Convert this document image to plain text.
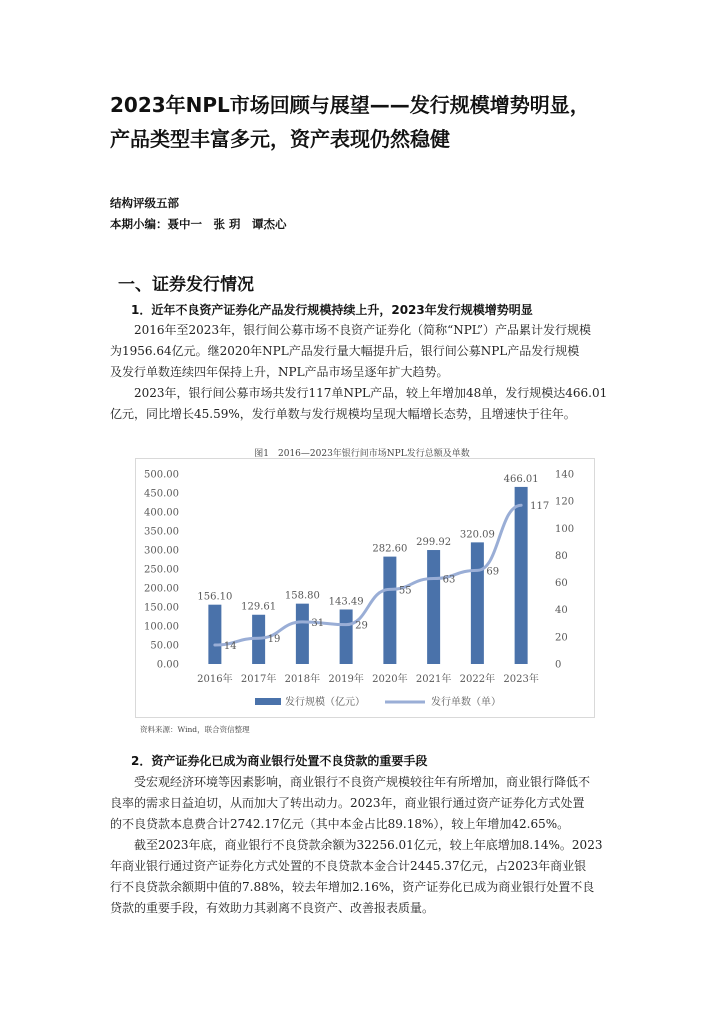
2023年NPL市场回顾与展望——发行规模增势明显，
产品类型丰富多元，资产表现仍然稳健
结构评级五部
本期小编：聂中一　张 玥　谭杰心
一、证券发行情况
1．近年不良资产证券化产品发行规模持续上升，2023年发行规模增势明显
2016年至2023年，银行间公募市场不良资产证券化（简称“NPL”）产品累计发行规模
为1956.64亿元。继2020年NPL产品发行量大幅提升后，银行间公募NPL产品发行规模
及发行单数连续四年保持上升，NPL产品市场呈逐年扩大趋势。
2023年，银行间公募市场共发行117单NPL产品，较上年增加48单，发行规模达466.01
亿元，同比增长45.59%，发行单数与发行规模均呈现大幅增长态势，且增速快于往年。
图1　2016—2023年银行间市场NPL发行总额及单数
0.00
50.00
100.00
150.00
200.00
250.00
300.00
350.00
400.00
450.00
500.00
0
20
40
60
80
100
120
140
156.10
129.61
158.80
143.49
282.60
299.92
320.09
466.01
14
19
31	29
55
63
69
117
2016年 2017年 2018年 2019年 2020年 2021年 2022年 2023年
发行规模（亿元）	发行单数（单）
资料来源：Wind，联合资信整理
2．资产证券化已成为商业银行处置不良贷款的重要手段
受宏观经济环境等因素影响，商业银行不良资产规模较往年有所增加，商业银行降低不
良率的需求日益迫切，从而加大了转出动力。2023年，商业银行通过资产证券化方式处置
的不良贷款本息费合计2742.17亿元（其中本金占比89.18%），较上年增加42.65%。
截至2023年底，商业银行不良贷款余额为32256.01亿元，较上年底增加8.14%。2023
年商业银行通过资产证券化方式处置的不良贷款本金合计2445.37亿元，占2023年商业银
行不良贷款余额期中值的7.88%，较去年增加2.16%，资产证券化已成为商业银行处置不良
贷款的重要手段，有效助力其剥离不良资产、改善报表质量。
